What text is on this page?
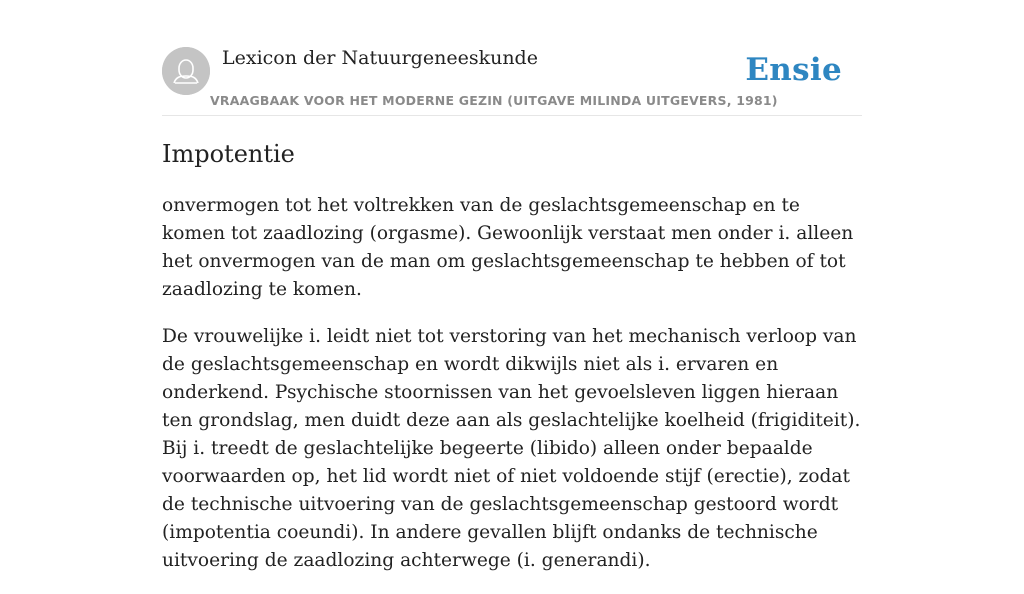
Lexicon der Natuurgeneeskunde
VRAAGBAAK VOOR HET MODERNE GEZIN (UITGAVE MILINDA UITGEVERS, 1981)
Ensie
Impotentie

onvermogen tot het voltrekken van de geslachtsgemeenschap en te komen tot zaadlozing (orgasme). Gewoonlijk verstaat men onder i. alleen het onvermogen van de man om geslachtsgemeenschap te hebben of tot zaadlozing te komen.

De vrouwelijke i. leidt niet tot verstoring van het mechanisch verloop van de geslachtsgemeenschap en wordt dikwijls niet als i. ervaren en onderkend. Psychische stoornissen van het gevoelsleven liggen hieraan ten grondslag, men duidt deze aan als geslachtelijke koelheid (frigiditeit). Bij i. treedt de geslachtelijke begeerte (libido) alleen onder bepaalde voorwaarden op, het lid wordt niet of niet voldoende stijf (erectie), zodat de technische uitvoering van de geslachtsgemeenschap gestoord wordt (impotentia coeundi). In andere gevallen blijft ondanks de technische uitvoering de zaadlozing achterwege (i. generandi).
